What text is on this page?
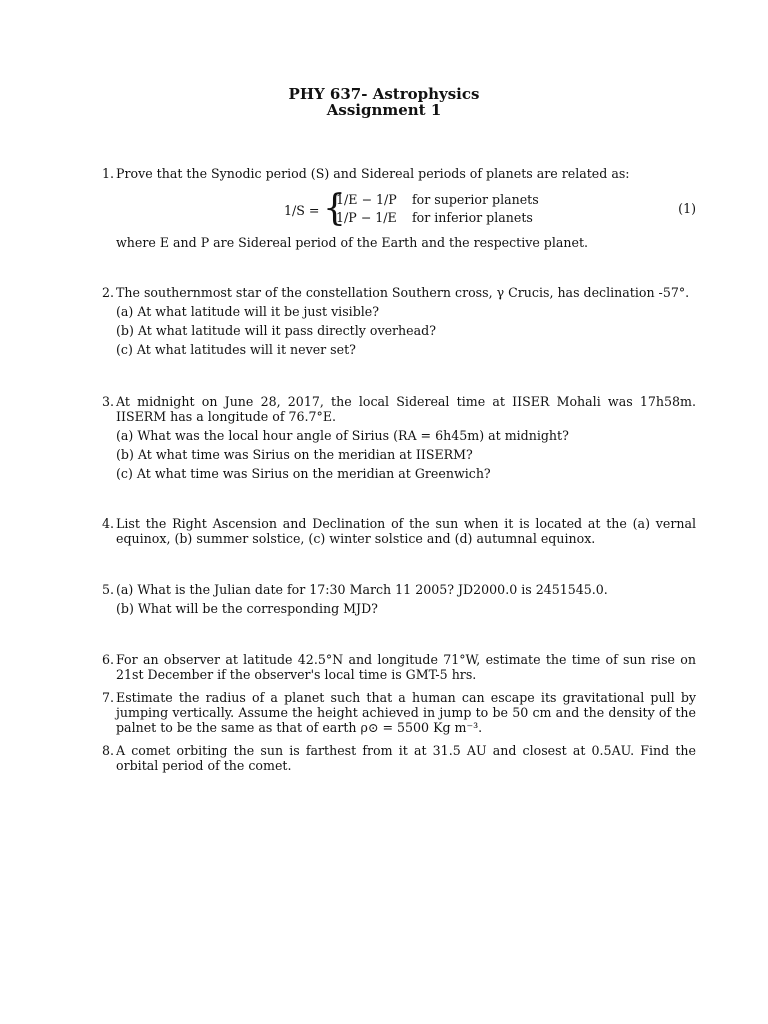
PHY 637- Astrophysics
Assignment 1
1. Prove that the Synodic period (S) and Sidereal periods of planets are related as:
1/S = {
1/E − 1/P for superior planets
1/P − 1/E for inferior planets
(1)
where E and P are Sidereal period of the Earth and the respective planet.
2. The southernmost star of the constellation Southern cross, γ Crucis, has declination -57°.
(a) At what latitude will it be just visible?
(b) At what latitude will it pass directly overhead?
(c) At what latitudes will it never set?
3. At midnight on June 28, 2017, the local Sidereal time at IISER Mohali was 17h58m. IISERM has a longitude of 76.7°E.
(a) What was the local hour angle of Sirius (RA = 6h45m) at midnight?
(b) At what time was Sirius on the meridian at IISERM?
(c) At what time was Sirius on the meridian at Greenwich?
4. List the Right Ascension and Declination of the sun when it is located at the (a) vernal equinox, (b) summer solstice, (c) winter solstice and (d) autumnal equinox.
5. (a) What is the Julian date for 17:30 March 11 2005? JD2000.0 is 2451545.0.
(b) What will be the corresponding MJD?
6. For an observer at latitude 42.5°N and longitude 71°W, estimate the time of sun rise on 21st December if the observer's local time is GMT-5 hrs.
7. Estimate the radius of a planet such that a human can escape its gravitational pull by jumping vertically. Assume the height achieved in jump to be 50 cm and the density of the palnet to be the same as that of earth ρ⊙ = 5500 Kg m⁻³.
8. A comet orbiting the sun is farthest from it at 31.5 AU and closest at 0.5AU. Find the orbital period of the comet.
